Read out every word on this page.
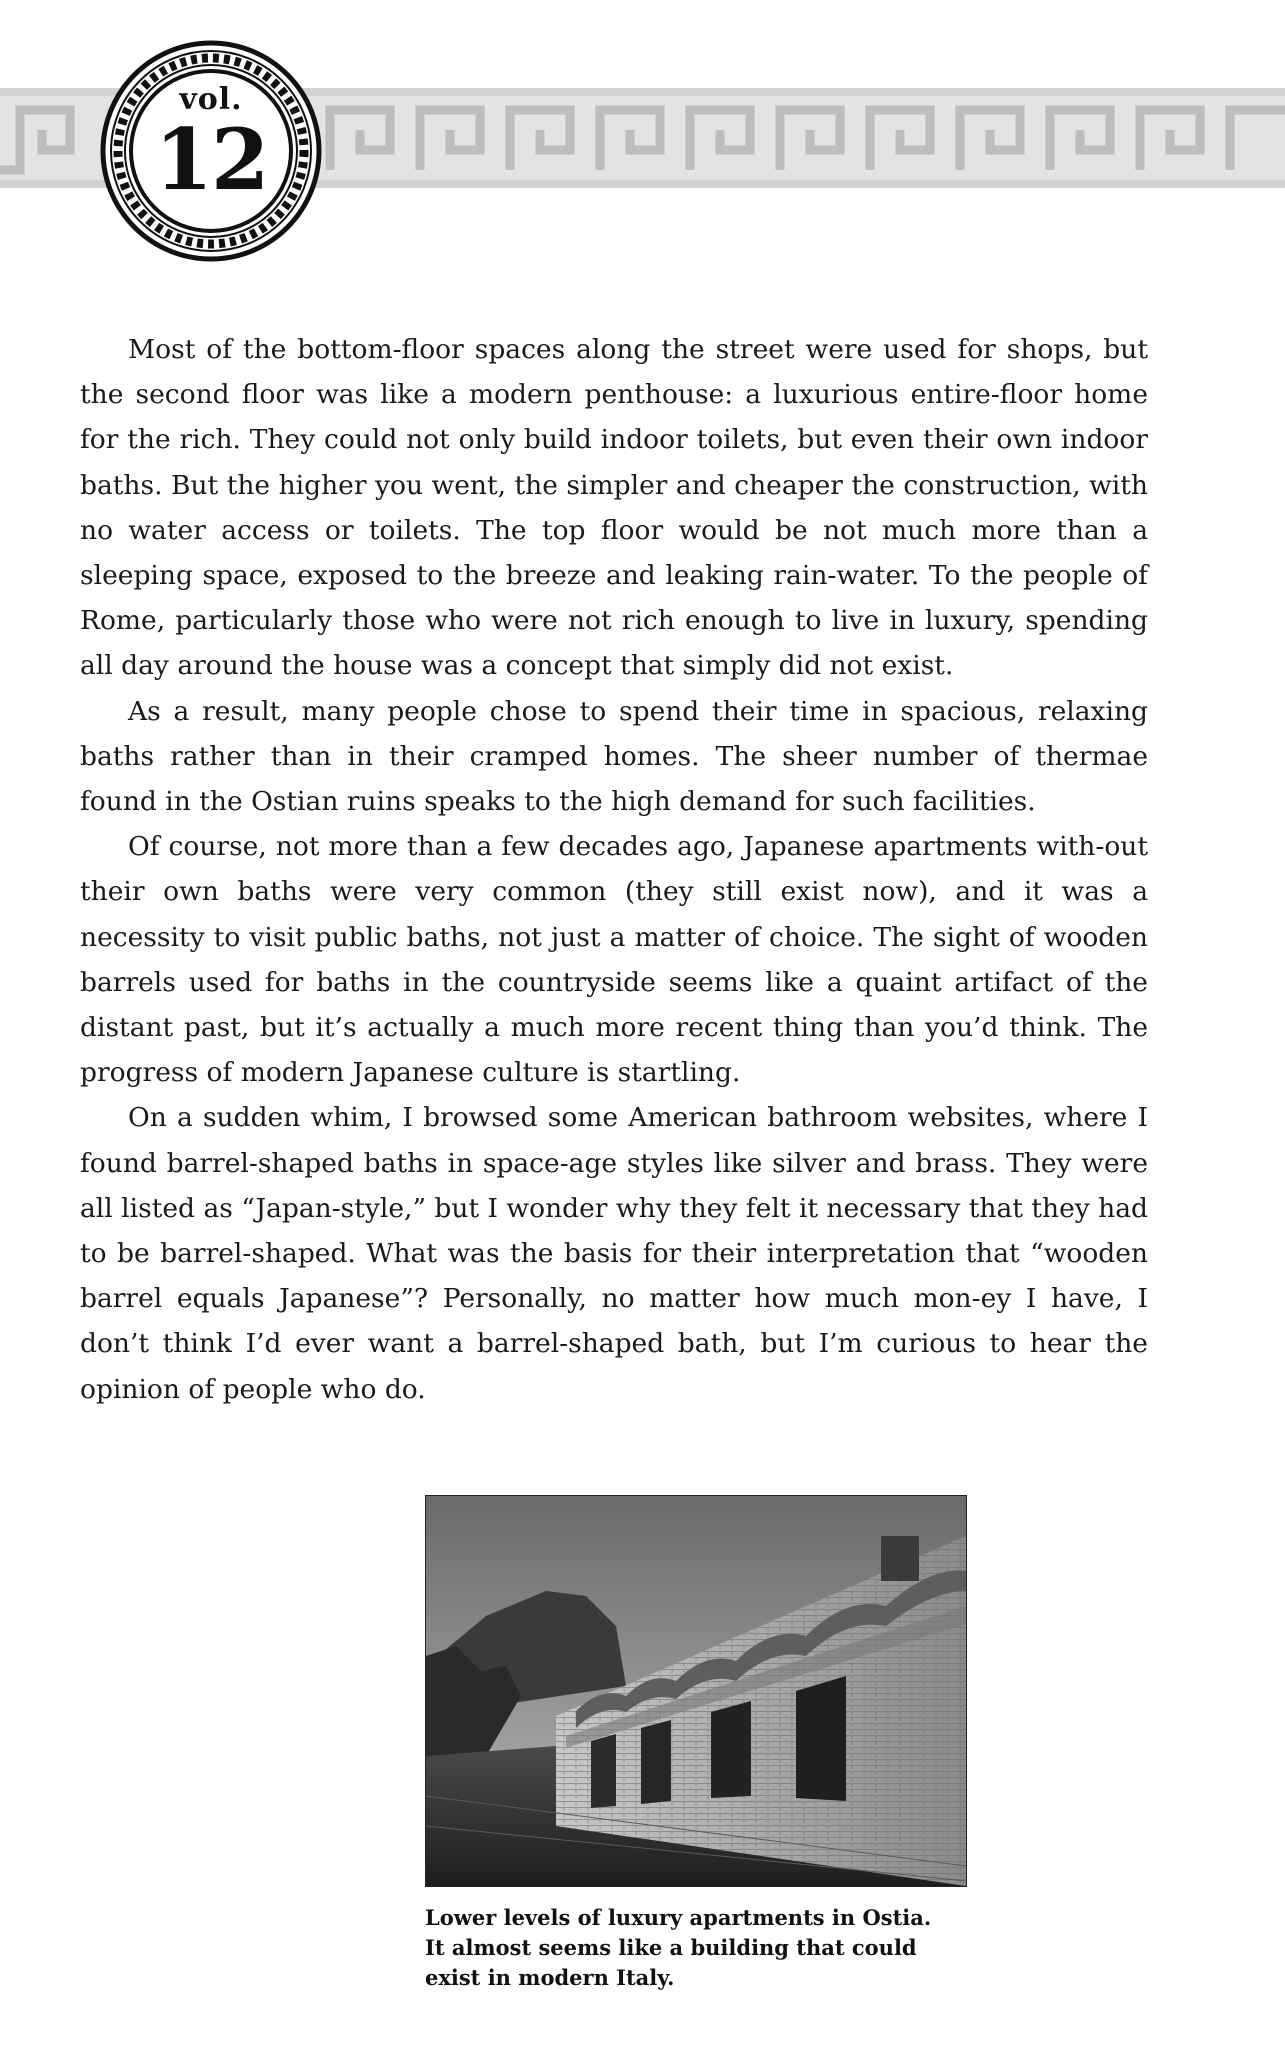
vol.
12

Most of the bottom-floor spaces along the street were used for shops, but the second floor was like a modern penthouse: a luxurious entire-floor home for the rich. They could not only build indoor toilets, but even their own indoor baths. But the higher you went, the simpler and cheaper the construction, with no water access or toilets. The top floor would be not much more than a sleeping space, exposed to the breeze and leaking rain-water. To the people of Rome, particularly those who were not rich enough to live in luxury, spending all day around the house was a concept that simply did not exist.

As a result, many people chose to spend their time in spacious, relaxing baths rather than in their cramped homes. The sheer number of thermae found in the Ostian ruins speaks to the high demand for such facilities.

Of course, not more than a few decades ago, Japanese apartments with-out their own baths were very common (they still exist now), and it was a necessity to visit public baths, not just a matter of choice. The sight of wooden barrels used for baths in the countryside seems like a quaint artifact of the distant past, but it’s actually a much more recent thing than you’d think. The progress of modern Japanese culture is startling.

On a sudden whim, I browsed some American bathroom websites, where I found barrel-shaped baths in space-age styles like silver and brass. They were all listed as “Japan-style,” but I wonder why they felt it necessary that they had to be barrel-shaped. What was the basis for their interpretation that “wooden barrel equals Japanese”? Personally, no matter how much mon-ey I have, I don’t think I’d ever want a barrel-shaped bath, but I’m curious to hear the opinion of people who do.

Lower levels of luxury apartments in Ostia.
It almost seems like a building that could
exist in modern Italy.
